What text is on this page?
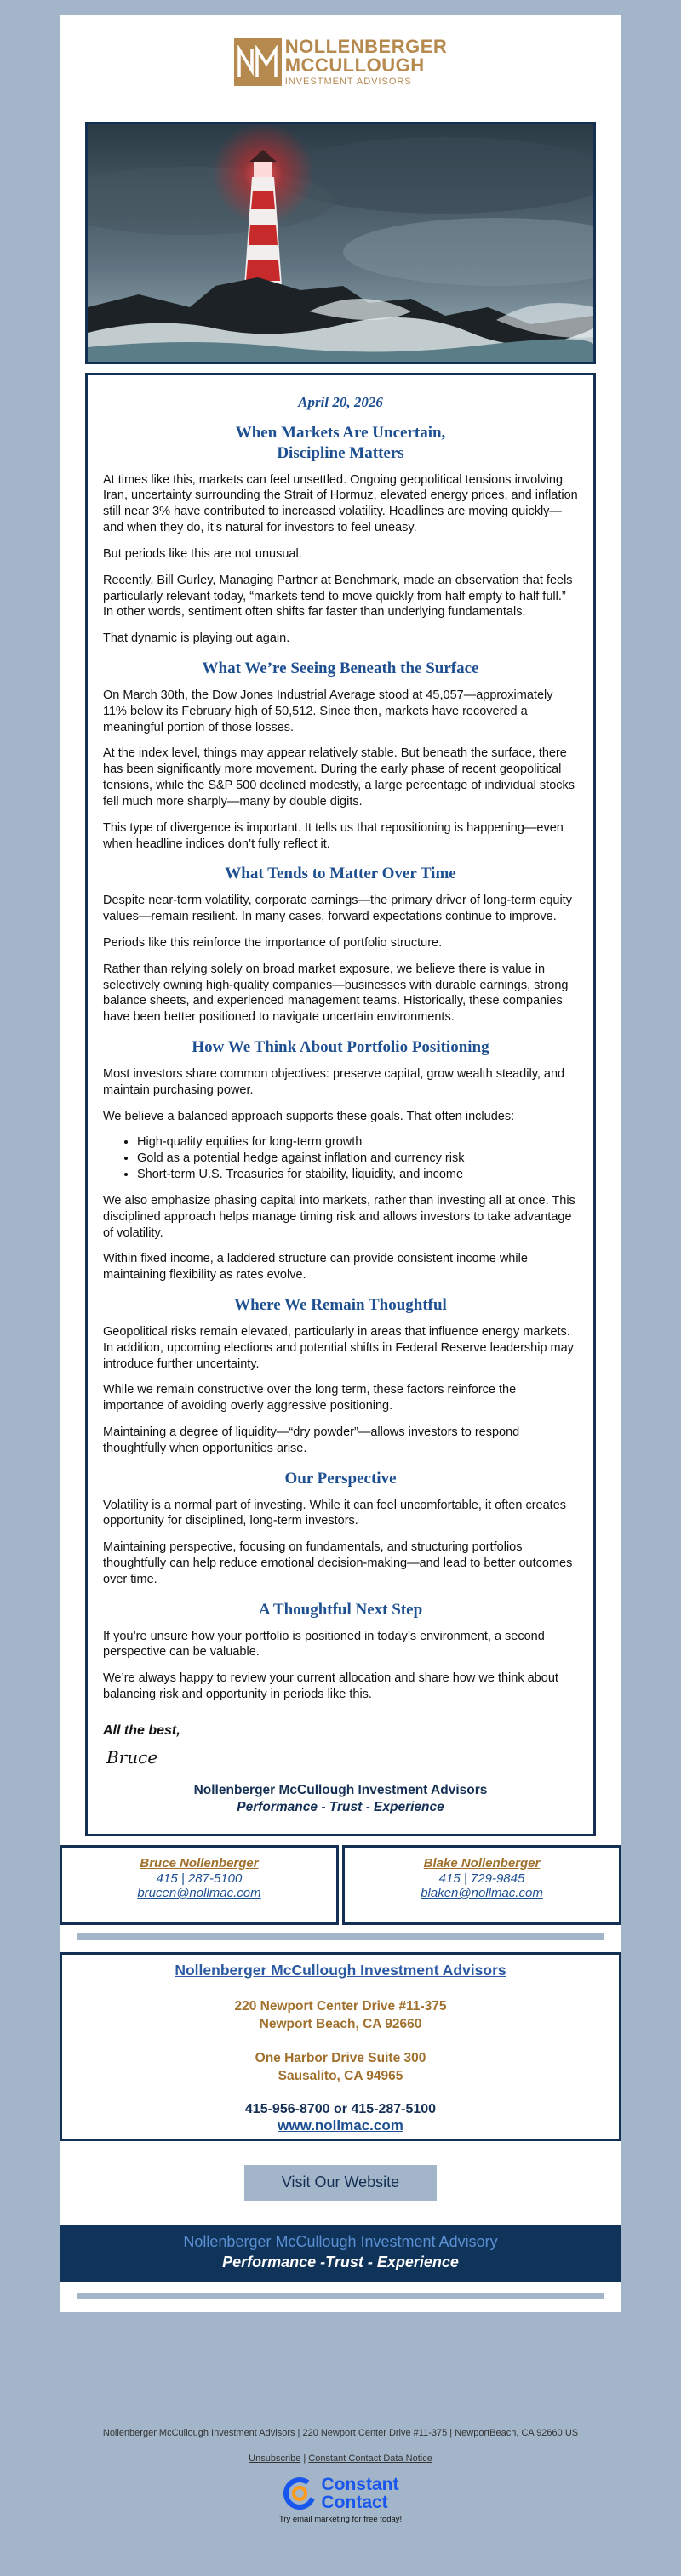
NOLLENBERGER
MCCULLOUGH
INVESTMENT ADVISORS
April 20, 2026
When Markets Are Uncertain,
Discipline Matters

At times like this, markets can feel unsettled. Ongoing geopolitical tensions involving Iran, uncertainty surrounding the Strait of Hormuz, elevated energy prices, and inflation still near 3% have contributed to increased volatility. Headlines are moving quickly—and when they do, it’s natural for investors to feel uneasy.

But periods like this are not unusual.

Recently, Bill Gurley, Managing Partner at Benchmark, made an observation that feels particularly relevant today, “markets tend to move quickly from half empty to half full.” In other words, sentiment often shifts far faster than underlying fundamentals.

That dynamic is playing out again.

What We’re Seeing Beneath the Surface

On March 30th, the Dow Jones Industrial Average stood at 45,057—approximately 11% below its February high of 50,512. Since then, markets have recovered a meaningful portion of those losses.

At the index level, things may appear relatively stable. But beneath the surface, there has been significantly more movement. During the early phase of recent geopolitical tensions, while the S&P 500 declined modestly, a large percentage of individual stocks fell much more sharply—many by double digits.

This type of divergence is important. It tells us that repositioning is happening—even when headline indices don’t fully reflect it.

What Tends to Matter Over Time

Despite near-term volatility, corporate earnings—the primary driver of long-term equity values—remain resilient. In many cases, forward expectations continue to improve.

Periods like this reinforce the importance of portfolio structure.

Rather than relying solely on broad market exposure, we believe there is value in selectively owning high-quality companies—businesses with durable earnings, strong balance sheets, and experienced management teams. Historically, these companies have been better positioned to navigate uncertain environments.

How We Think About Portfolio Positioning

Most investors share common objectives: preserve capital, grow wealth steadily, and maintain purchasing power.

We believe a balanced approach supports these goals. That often includes:

• High-quality equities for long-term growth
• Gold as a potential hedge against inflation and currency risk
• Short-term U.S. Treasuries for stability, liquidity, and income

We also emphasize phasing capital into markets, rather than investing all at once. This disciplined approach helps manage timing risk and allows investors to take advantage of volatility.

Within fixed income, a laddered structure can provide consistent income while maintaining flexibility as rates evolve.

Where We Remain Thoughtful

Geopolitical risks remain elevated, particularly in areas that influence energy markets. In addition, upcoming elections and potential shifts in Federal Reserve leadership may introduce further uncertainty.

While we remain constructive over the long term, these factors reinforce the importance of avoiding overly aggressive positioning.

Maintaining a degree of liquidity—“dry powder”—allows investors to respond thoughtfully when opportunities arise.

Our Perspective

Volatility is a normal part of investing. While it can feel uncomfortable, it often creates opportunity for disciplined, long-term investors.

Maintaining perspective, focusing on fundamentals, and structuring portfolios thoughtfully can help reduce emotional decision-making—and lead to better outcomes over time.

A Thoughtful Next Step

If you’re unsure how your portfolio is positioned in today’s environment, a second perspective can be valuable.

We’re always happy to review your current allocation and share how we think about balancing risk and opportunity in periods like this.

All the best,
Bruce
Nollenberger McCullough Investment Advisors
Performance - Trust - Experience
Bruce Nollenberger
415 | 287-5100
brucen@nollmac.com
Blake Nollenberger
415 | 729-9845
blaken@nollmac.com
Nollenberger McCullough Investment Advisors
220 Newport Center Drive #11-375
Newport Beach, CA 92660
One Harbor Drive Suite 300
Sausalito, CA 94965
415-956-8700 or 415-287-5100
www.nollmac.com
Visit Our Website
Nollenberger McCullough Investment Advisory
Performance -Trust - Experience
Nollenberger McCullough Investment Advisors | 220 Newport Center Drive #11-375 | NewportBeach, CA 92660 US
Unsubscribe | Constant Contact Data Notice
Constant
Contact
Try email marketing for free today!
